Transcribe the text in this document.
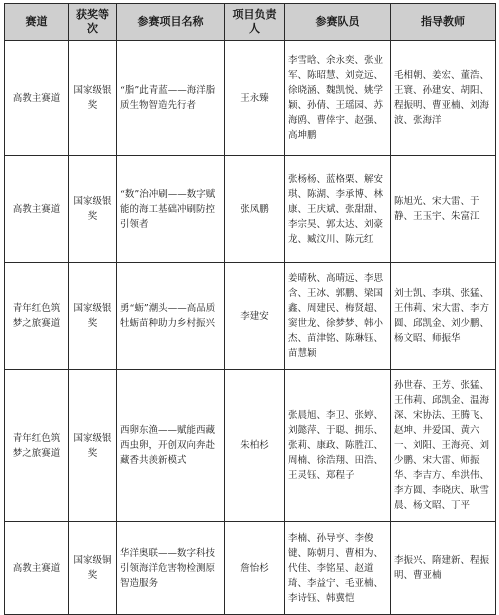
赛道	获奖等次	参赛项目名称	项目负责人	参赛队员	指导教师
高教主赛道	国家级银奖	“脂”此青蓝——海洋脂质生物智造先行者	王永臻	李雪晗、余永奕、张业军、陈昭慧、刘竞远、徐晓涵、魏凯悦、姚学颖、孙倩、王瑶园、苏海鸥、曹倖宇、赵强、高坤鹏	毛相朝、姜宏、董浩、王寰、孙建安、胡阳、程振明、曹亚楠、刘海波、张海洋
高教主赛道	国家级银奖	“数”治冲刷——数字赋能的海工基础冲刷防控引领者	张凤鹏	张杨杨、蓝格栗、解安琪、陈湖、李承博、林康、王庆斌、张甜甜、李宗昊、郭太达、刘豪龙、臧汶川、陈元红	陈旭光、宋大雷、于静、王玉宇、朱富江
青年红色筑梦之旅赛道	国家级银奖	勇“蛎”潮头——高品质牡蛎苗种助力乡村振兴	李建安	姜晴秋、高晴远、李思含、王冰、郭鹏、梁国鑫、周建民、梅贤超、窦世龙、徐梦梦、韩小杰、苗津铭、陈琳钰、苗慧颖	刘士凯、李琪、张猛、王伟莉、宋大雷、李方圆、邱凯金、刘少鹏、杨文昭、师振华
青年红色筑梦之旅赛道	国家级银奖	西卵东渔——赋能西藏西虫卵，开创双向奔赴藏香共羡新模式	朱柏杉	张晨旭、李卫、张婷、刘懿萍、于聪、拥乐、张莉、康政、陈胜江、周楠、徐浩翔、田浩、王灵钰、郑程子	孙世春、王芳、张猛、王伟莉、邱凯金、温海深、宋协法、王腾飞、赵坤、井爱国、黄六一、刘阳、王海亮、刘少鹏、宋大雷、师振华、李吉方、牟洪伟、李方圆、李晓庆、耿雪晨、杨文昭、丁平
高教主赛道	国家级铜奖	华洋奥联——数字科技引领海洋危害物检测原智造服务	詹怡杉	李楠、孙导亨、李俊键、陈朝月、曹相为、代佳、李铭星、赵道琦、李益宁、毛亚楠、李诗钰、韩冀恺	李振兴、隋建新、程振明、曹亚楠
